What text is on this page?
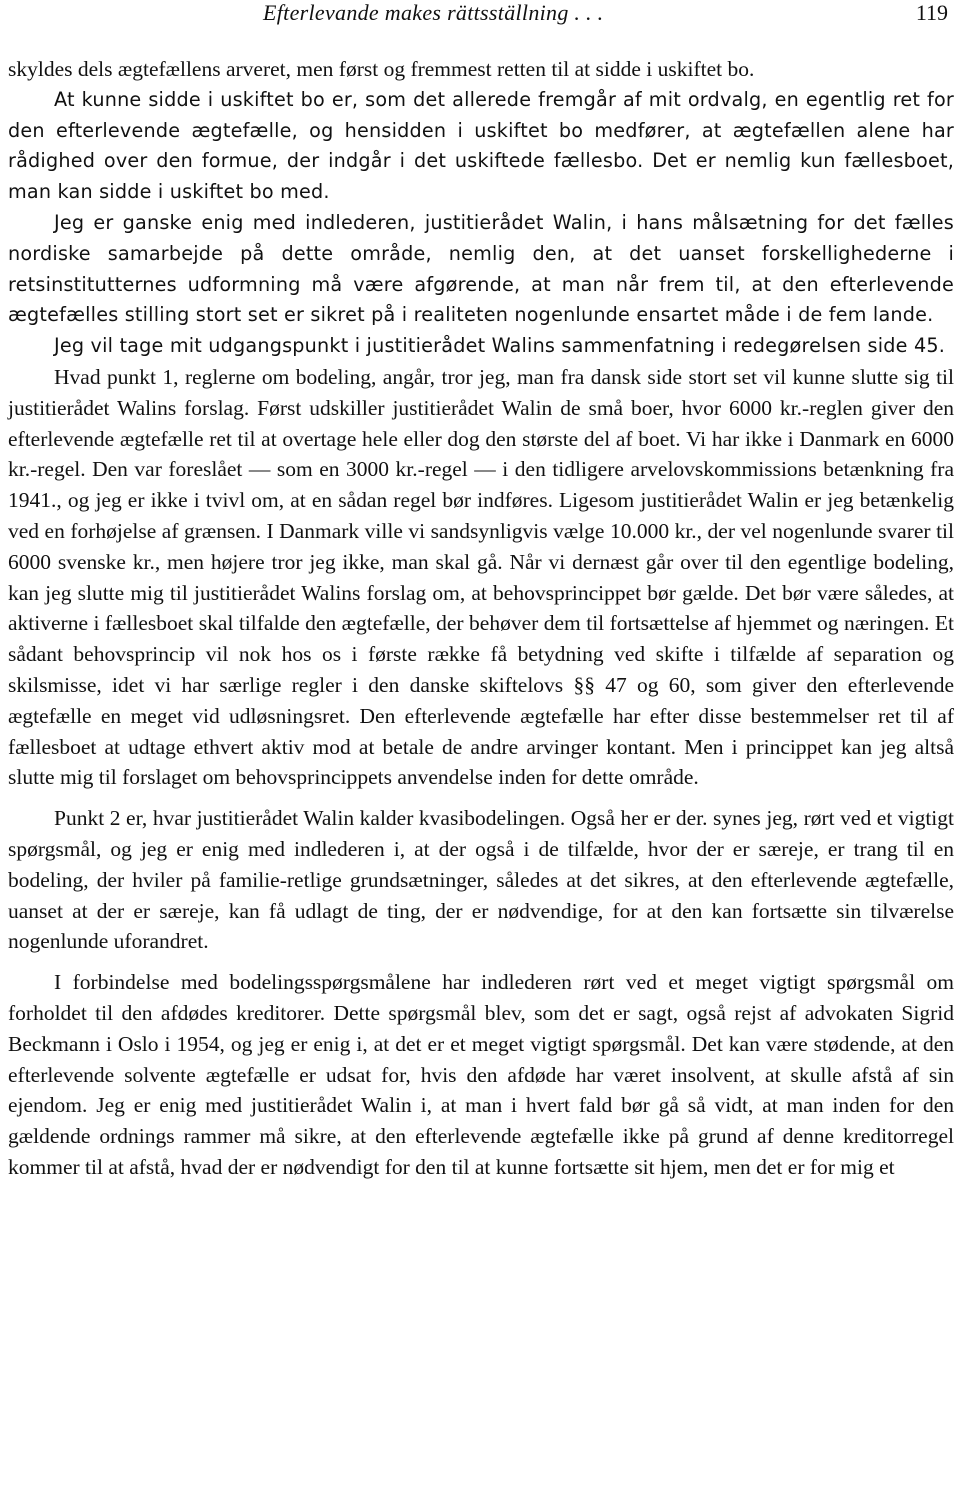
Efterlevande makes rättsställning . . .	119

skyldes dels ægtefællens arveret, men først og fremmest retten til at sidde i uskiftet bo.

At kunne sidde i uskiftet bo er, som det allerede fremgår af mit ordvalg, en egentlig ret for den efterlevende ægtefælle, og hensidden i uskiftet bo medfører, at ægtefællen alene har rådighed over den formue, der indgår i det uskiftede fællesbo. Det er nemlig kun fællesboet, man kan sidde i uskiftet bo med.

Jeg er ganske enig med indlederen, justitierådet Walin, i hans målsætning for det fælles nordiske samarbejde på dette område, nemlig den, at det uanset forskellighederne i retsinstitutternes udformning må være afgørende, at man når frem til, at den efterlevende ægtefælles stilling stort set er sikret på i realiteten nogenlunde ensartet måde i de fem lande.

Jeg vil tage mit udgangspunkt i justitierådet Walins sammenfatning i redegørelsen side 45.

Hvad punkt 1, reglerne om bodeling, angår, tror jeg, man fra dansk side stort set vil kunne slutte sig til justitierådet Walins forslag. Først udskiller justitierådet Walin de små boer, hvor 6000 kr.-reglen giver den efterlevende ægtefælle ret til at overtage hele eller dog den største del af boet. Vi har ikke i Danmark en 6000 kr.-regel. Den var foreslået — som en 3000 kr.-regel — i den tidligere arvelovskommissions betænkning fra 1941., og jeg er ikke i tvivl om, at en sådan regel bør indføres. Ligesom justitierådet Walin er jeg betænkelig ved en forhøjelse af grænsen. I Danmark ville vi sandsynligvis vælge 10.000 kr., der vel nogenlunde svarer til 6000 svenske kr., men højere tror jeg ikke, man skal gå. Når vi dernæst går over til den egentlige bodeling, kan jeg slutte mig til justitierådet Walins forslag om, at behovsprincippet bør gælde. Det bør være således, at aktiverne i fællesboet skal tilfalde den ægtefælle, der behøver dem til fortsættelse af hjemmet og næringen. Et sådant behovsprincip vil nok hos os i første række få betydning ved skifte i tilfælde af separation og skilsmisse, idet vi har særlige regler i den danske skiftelovs §§ 47 og 60, som giver den efterlevende ægtefælle en meget vid udløsningsret. Den efterlevende ægtefælle har efter disse bestemmelser ret til af fællesboet at udtage ethvert aktiv mod at betale de andre arvinger kontant. Men i princippet kan jeg altså slutte mig til forslaget om behovsprincippets anvendelse inden for dette område.

Punkt 2 er, hvar justitierådet Walin kalder kvasibodelingen. Også her er der. synes jeg, rørt ved et vigtigt spørgsmål, og jeg er enig med indlederen i, at der også i de tilfælde, hvor der er særeje, er trang til en bodeling, der hviler på familie-retlige grundsætninger, således at det sikres, at den efterlevende ægtefælle, uanset at der er særeje, kan få udlagt de ting, der er nødvendige, for at den kan fortsætte sin tilværelse nogenlunde uforandret.

I forbindelse med bodelingsspørgsmålene har indlederen rørt ved et meget vigtigt spørgsmål om forholdet til den afdødes kreditorer. Dette spørgsmål blev, som det er sagt, også rejst af advokaten Sigrid Beckmann i Oslo i 1954, og jeg er enig i, at det er et meget vigtigt spørgsmål. Det kan være stødende, at den efterlevende solvente ægtefælle er udsat for, hvis den afdøde har været insolvent, at skulle afstå af sin ejendom. Jeg er enig med justitierådet Walin i, at man i hvert fald bør gå så vidt, at man inden for den gældende ordnings rammer må sikre, at den efterlevende ægtefælle ikke på grund af denne kreditorregel kommer til at afstå, hvad der er nødvendigt for den til at kunne fortsætte sit hjem, men det er for mig et
